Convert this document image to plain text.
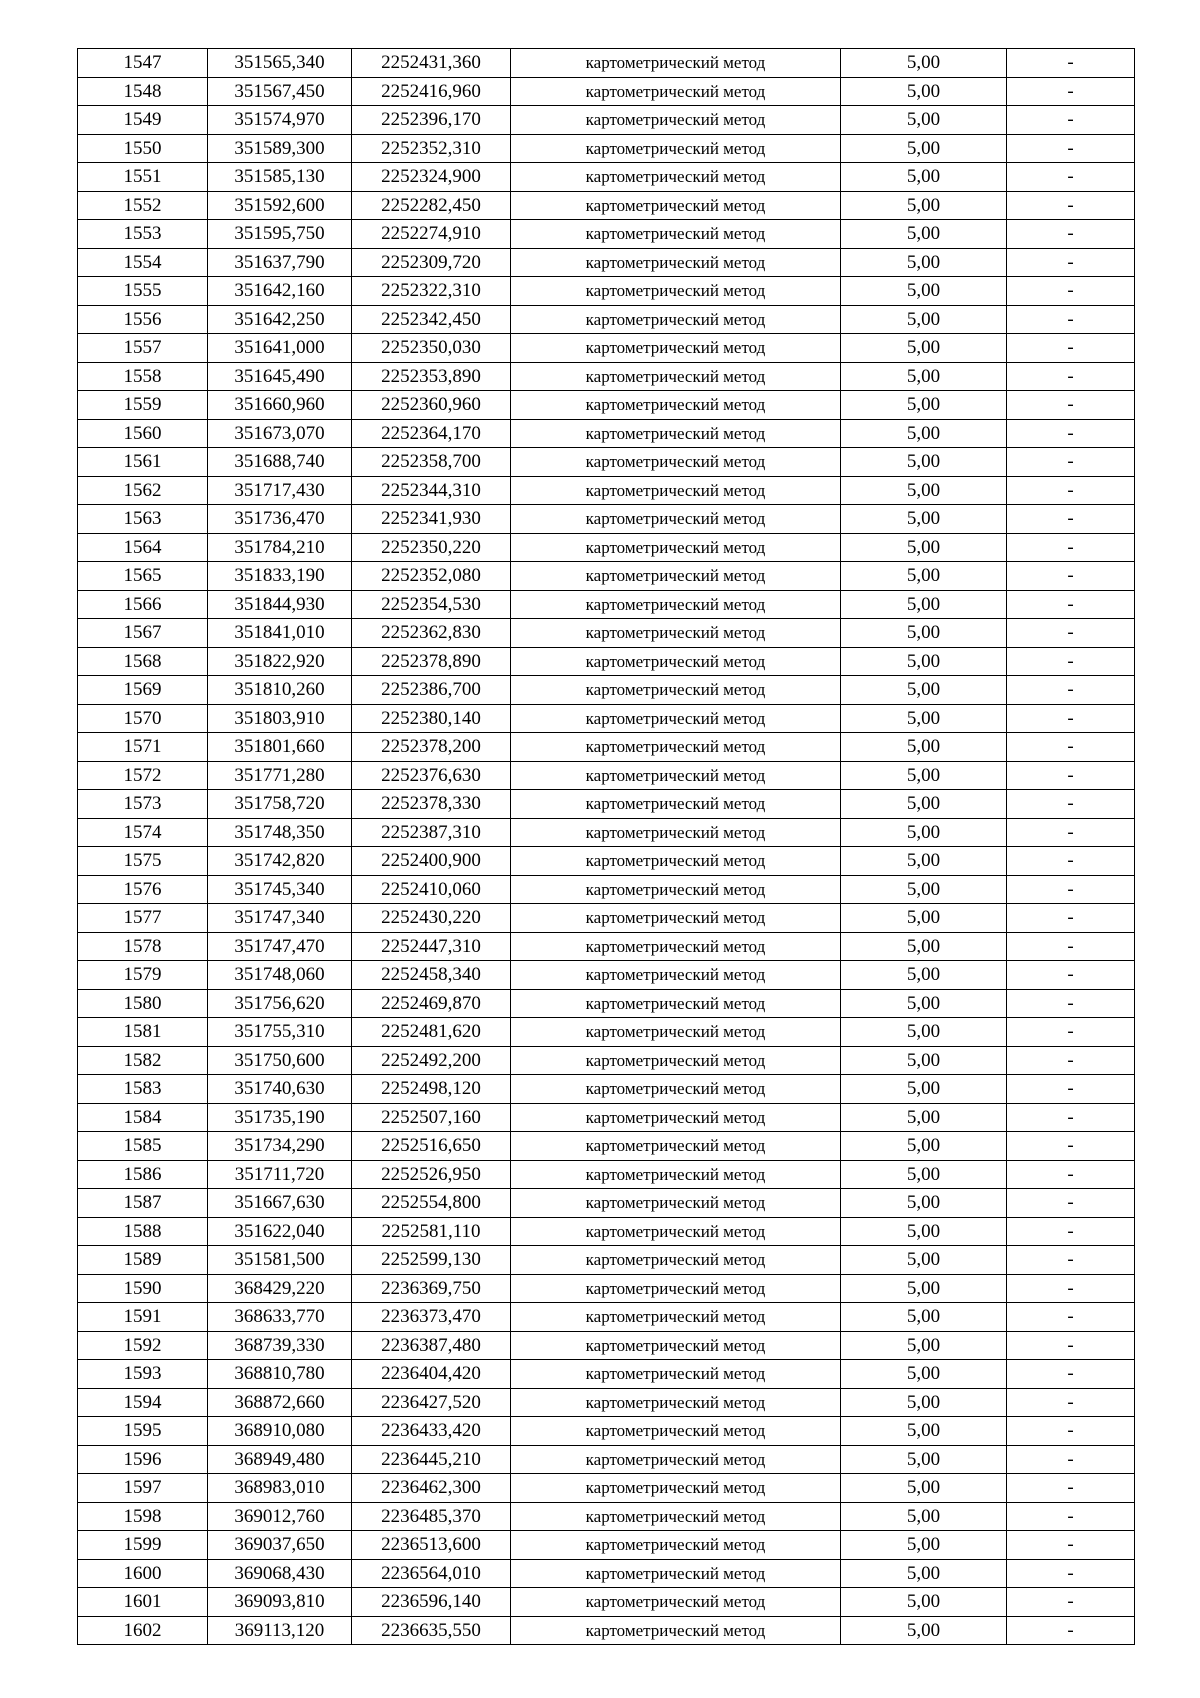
1547	351565,340	2252431,360	картометрический метод	5,00	-
1548	351567,450	2252416,960	картометрический метод	5,00	-
1549	351574,970	2252396,170	картометрический метод	5,00	-
1550	351589,300	2252352,310	картометрический метод	5,00	-
1551	351585,130	2252324,900	картометрический метод	5,00	-
1552	351592,600	2252282,450	картометрический метод	5,00	-
1553	351595,750	2252274,910	картометрический метод	5,00	-
1554	351637,790	2252309,720	картометрический метод	5,00	-
1555	351642,160	2252322,310	картометрический метод	5,00	-
1556	351642,250	2252342,450	картометрический метод	5,00	-
1557	351641,000	2252350,030	картометрический метод	5,00	-
1558	351645,490	2252353,890	картометрический метод	5,00	-
1559	351660,960	2252360,960	картометрический метод	5,00	-
1560	351673,070	2252364,170	картометрический метод	5,00	-
1561	351688,740	2252358,700	картометрический метод	5,00	-
1562	351717,430	2252344,310	картометрический метод	5,00	-
1563	351736,470	2252341,930	картометрический метод	5,00	-
1564	351784,210	2252350,220	картометрический метод	5,00	-
1565	351833,190	2252352,080	картометрический метод	5,00	-
1566	351844,930	2252354,530	картометрический метод	5,00	-
1567	351841,010	2252362,830	картометрический метод	5,00	-
1568	351822,920	2252378,890	картометрический метод	5,00	-
1569	351810,260	2252386,700	картометрический метод	5,00	-
1570	351803,910	2252380,140	картометрический метод	5,00	-
1571	351801,660	2252378,200	картометрический метод	5,00	-
1572	351771,280	2252376,630	картометрический метод	5,00	-
1573	351758,720	2252378,330	картометрический метод	5,00	-
1574	351748,350	2252387,310	картометрический метод	5,00	-
1575	351742,820	2252400,900	картометрический метод	5,00	-
1576	351745,340	2252410,060	картометрический метод	5,00	-
1577	351747,340	2252430,220	картометрический метод	5,00	-
1578	351747,470	2252447,310	картометрический метод	5,00	-
1579	351748,060	2252458,340	картометрический метод	5,00	-
1580	351756,620	2252469,870	картометрический метод	5,00	-
1581	351755,310	2252481,620	картометрический метод	5,00	-
1582	351750,600	2252492,200	картометрический метод	5,00	-
1583	351740,630	2252498,120	картометрический метод	5,00	-
1584	351735,190	2252507,160	картометрический метод	5,00	-
1585	351734,290	2252516,650	картометрический метод	5,00	-
1586	351711,720	2252526,950	картометрический метод	5,00	-
1587	351667,630	2252554,800	картометрический метод	5,00	-
1588	351622,040	2252581,110	картометрический метод	5,00	-
1589	351581,500	2252599,130	картометрический метод	5,00	-
1590	368429,220	2236369,750	картометрический метод	5,00	-
1591	368633,770	2236373,470	картометрический метод	5,00	-
1592	368739,330	2236387,480	картометрический метод	5,00	-
1593	368810,780	2236404,420	картометрический метод	5,00	-
1594	368872,660	2236427,520	картометрический метод	5,00	-
1595	368910,080	2236433,420	картометрический метод	5,00	-
1596	368949,480	2236445,210	картометрический метод	5,00	-
1597	368983,010	2236462,300	картометрический метод	5,00	-
1598	369012,760	2236485,370	картометрический метод	5,00	-
1599	369037,650	2236513,600	картометрический метод	5,00	-
1600	369068,430	2236564,010	картометрический метод	5,00	-
1601	369093,810	2236596,140	картометрический метод	5,00	-
1602	369113,120	2236635,550	картометрический метод	5,00	-
